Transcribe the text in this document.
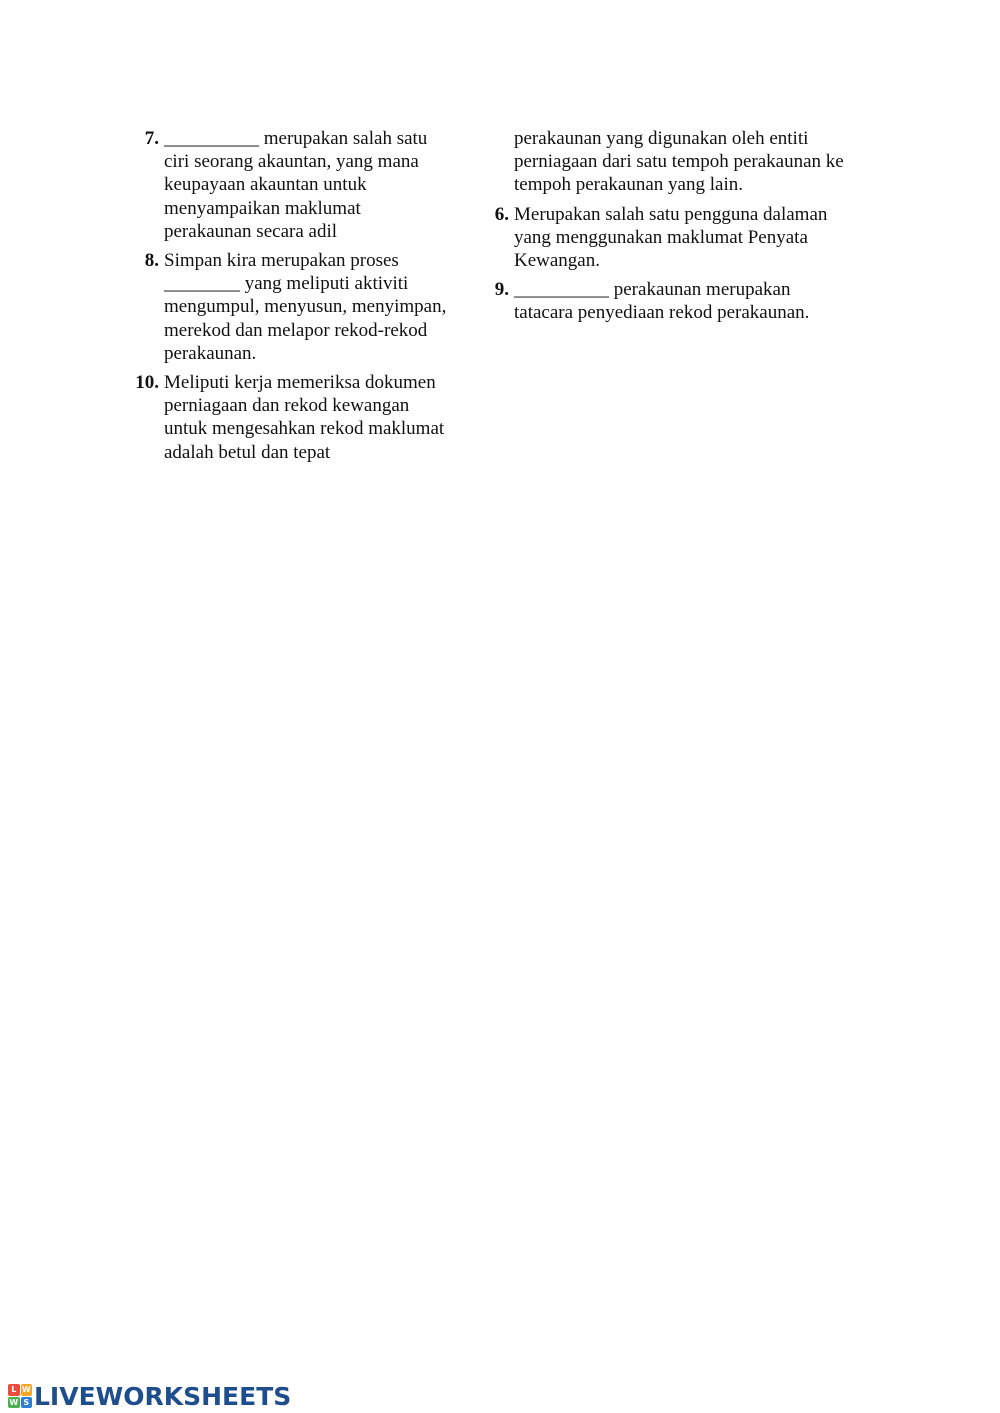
7. __________ merupakan salah satu
ciri seorang akauntan, yang mana
keupayaan akauntan untuk
menyampaikan maklumat
perakaunan secara adil
8. Simpan kira merupakan proses
________ yang meliputi aktiviti
mengumpul, menyusun, menyimpan,
merekod dan melapor rekod-rekod
perakaunan.
10. Meliputi kerja memeriksa dokumen
perniagaan dan rekod kewangan
untuk mengesahkan rekod maklumat
adalah betul dan tepat
perakaunan yang digunakan oleh entiti
perniagaan dari satu tempoh perakaunan ke
tempoh perakaunan yang lain.
6. Merupakan salah satu pengguna dalaman
yang menggunakan maklumat Penyata
Kewangan.
9. __________ perakaunan merupakan
tatacara penyediaan rekod perakaunan.
L W
W S LIVEWORKSHEETS
